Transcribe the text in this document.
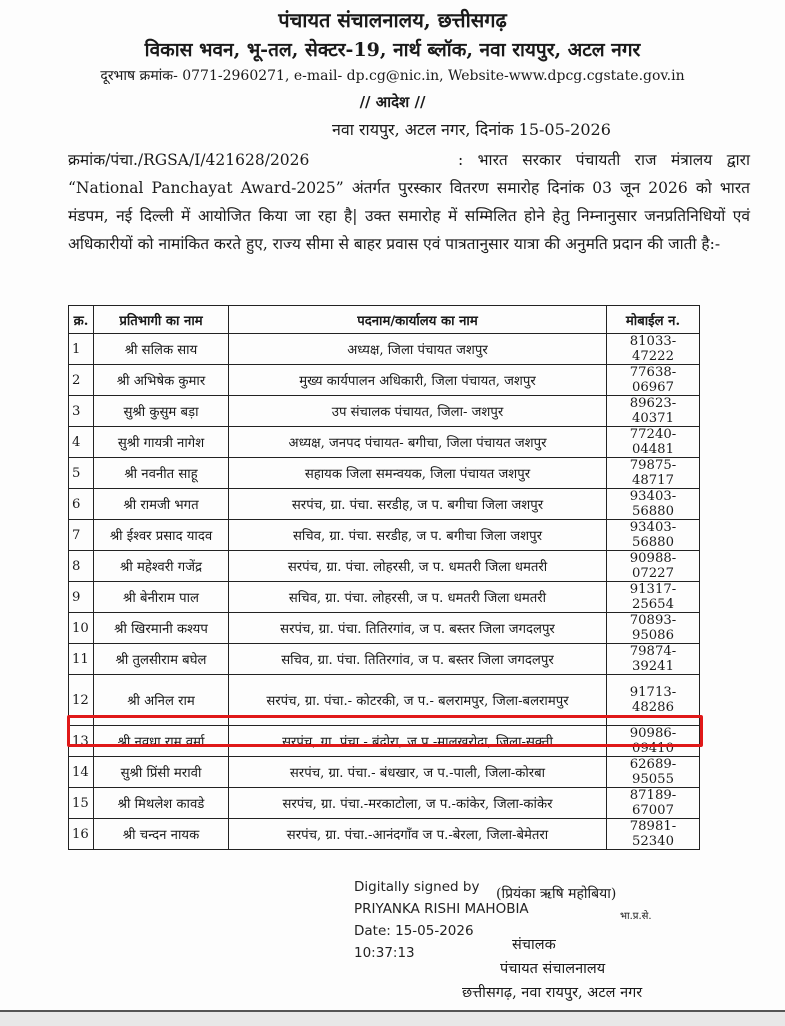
पंचायत संचालनालय, छत्तीसगढ़
विकास भवन, भू-तल, सेक्टर-19, नार्थ ब्लॉक, नवा रायपुर, अटल नगर
दूरभाष क्रमांक- 0771-2960271, e-mail- dp.cg@nic.in, Website-www.dpcg.cgstate.gov.in
// आदेश //
नवा रायपुर, अटल नगर, दिनांक 15-05-2026
क्रमांक/पंचा./RGSA/I/421628/2026	: भारत सरकार पंचायती राज मंत्रालय द्वारा “National Panchayat Award-2025” अंतर्गत पुरस्कार वितरण समारोह दिनांक 03 जून 2026 को भारत मंडपम, नई दिल्ली में आयोजित किया जा रहा है| उक्त समारोह में सम्मिलित होने हेतु निम्नानुसार जनप्रतिनिधियों एवं अधिकारीयों को नामांकित करते हुए, राज्य सीमा से बाहर प्रवास एवं पात्रतानुसार यात्रा की अनुमति प्रदान की जाती है:-
क्र.	प्रतिभागी का नाम	पदनाम/कार्यालय का नाम	मोबाईल न.
1	श्री सलिक साय	अध्यक्ष, जिला पंचायत जशपुर	81033-47222
2	श्री अभिषेक कुमार	मुख्य कार्यपालन अधिकारी, जिला पंचायत, जशपुर	77638-06967
3	सुश्री कुसुम बड़ा	उप संचालक पंचायत, जिला- जशपुर	89623-40371
4	सुश्री गायत्री नागेश	अध्यक्ष, जनपद पंचायत- बगीचा, जिला पंचायत जशपुर	77240-04481
5	श्री नवनीत साहू	सहायक जिला समन्वयक, जिला पंचायत जशपुर	79875-48717
6	श्री रामजी भगत	सरपंच, ग्रा. पंचा. सरडीह, ज प. बगीचा जिला जशपुर	93403-56880
7	श्री ईश्वर प्रसाद यादव	सचिव, ग्रा. पंचा. सरडीह, ज प. बगीचा जिला जशपुर	93403-56880
8	श्री महेश्वरी गजेंद्र	सरपंच, ग्रा. पंचा. लोहरसी, ज प. धमतरी जिला धमतरी	90988-07227
9	श्री बेनीराम पाल	सचिव, ग्रा. पंचा. लोहरसी, ज प. धमतरी जिला धमतरी	91317-25654
10	श्री खिरमानी कश्यप	सरपंच, ग्रा. पंचा. तितिरगांव, ज प. बस्तर जिला जगदलपुर	70893-95086
11	श्री तुलसीराम बघेल	सचिव, ग्रा. पंचा. तितिरगांव, ज प. बस्तर जिला जगदलपुर	79874-39241
12	श्री अनिल राम	सरपंच, ग्रा. पंचा.- कोटरकी, ज प.- बलरामपुर, जिला-बलरामपुर	91713-48286
13	श्री नवधा राम वर्मा	सरपंच, ग्रा. पंचा.- बंदोरा, ज प.-मालखरोदा, जिला-सक्ती	90986-09410
14	सुश्री प्रिंसी मरावी	सरपंच, ग्रा. पंचा.- बंधखार, ज प.-पाली, जिला-कोरबा	62689-95055
15	श्री मिथलेश कावडे	सरपंच, ग्रा. पंचा.-मरकाटोला, ज प.-कांकेर, जिला-कांकेर	87189-67007
16	श्री चन्दन नायक	सरपंच, ग्रा. पंचा.-आनंदगाँव ज प.-बेरला, जिला-बेमेतरा	78981-52340
Digitally signed by
PRIYANKA RISHI MAHOBIA
Date: 15-05-2026
10:37:13
(प्रियंका ऋषि महोबिया)
भा.प्र.से.
संचालक
पंचायत संचालनालय
छत्तीसगढ़, नवा रायपुर, अटल नगर
